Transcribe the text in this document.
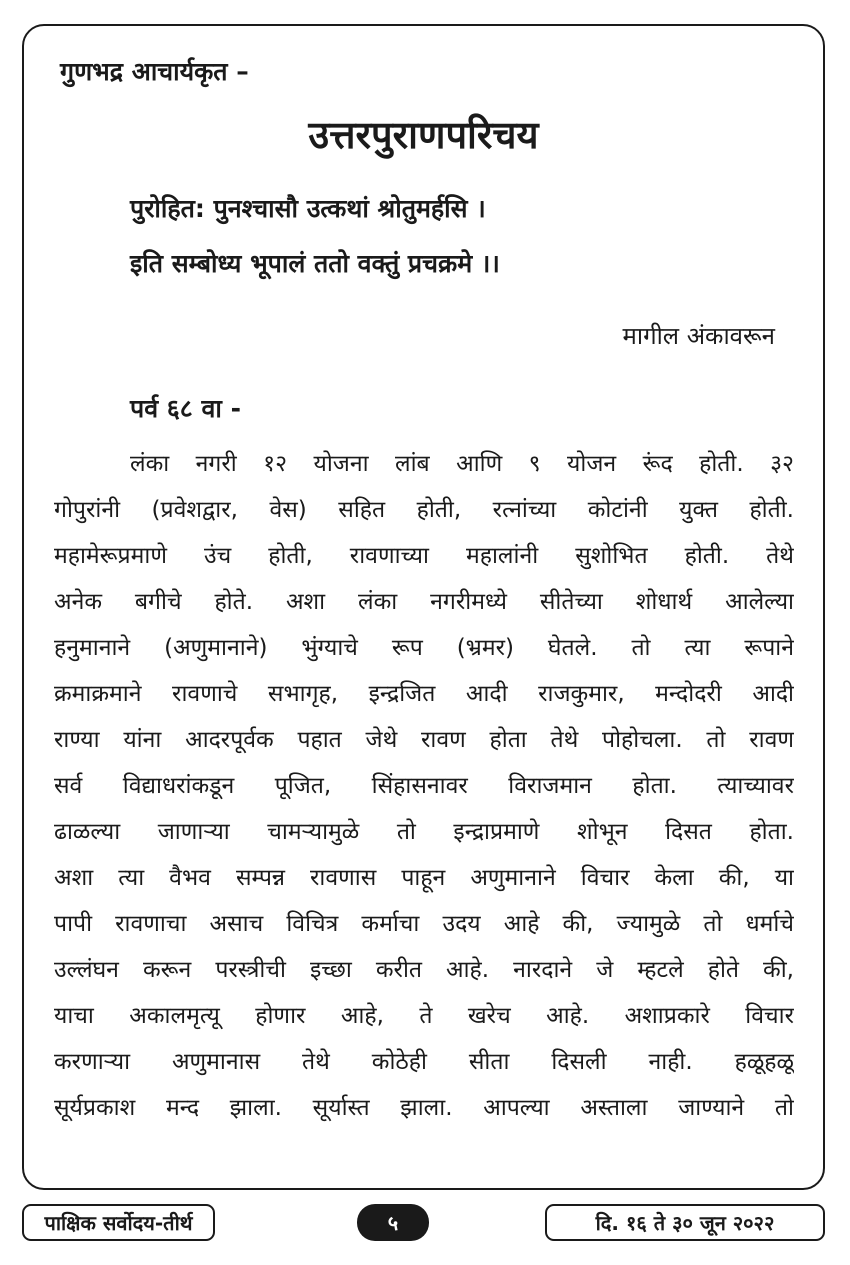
गुणभद्र आचार्यकृत –
उत्तरपुराणपरिचय
पुरोहित: पुनश्चासौ उत्कथां श्रोतुमर्हसि ।
इति सम्बोध्य भूपालं ततो वक्तुं प्रचक्रमे ।।
मागील अंकावरून
पर्व ६८ वा -
लंका नगरी १२ योजना लांब आणि ९ योजन रूंद होती. ३२
गोपुरांनी (प्रवेशद्वार, वेस) सहित होती, रत्नांच्या कोटांनी युक्त होती.
महामेरूप्रमाणे उंच होती, रावणाच्या महालांनी सुशोभित होती. तेथे
अनेक बगीचे होते. अशा लंका नगरीमध्ये सीतेच्या शोधार्थ आलेल्या
हनुमानाने (अणुमानाने) भुंग्याचे रूप (भ्रमर) घेतले. तो त्या रूपाने
क्रमाक्रमाने रावणाचे सभागृह, इन्द्रजित आदी राजकुमार, मन्दोदरी आदी
राण्या यांना आदरपूर्वक पहात जेथे रावण होता तेथे पोहोचला. तो रावण
सर्व विद्याधरांकडून पूजित, सिंहासनावर विराजमान होता. त्याच्यावर
ढाळल्या जाणाऱ्या चामऱ्यामुळे तो इन्द्राप्रमाणे शोभून दिसत होता.
अशा त्या वैभव सम्पन्न रावणास पाहून अणुमानाने विचार केला की, या
पापी रावणाचा असाच विचित्र कर्माचा उदय आहे की, ज्यामुळे तो धर्माचे
उल्लंघन करून परस्त्रीची इच्छा करीत आहे. नारदाने जे म्हटले होते की,
याचा अकालमृत्यू होणार आहे, ते खरेच आहे. अशाप्रकारे विचार
करणाऱ्या अणुमानास तेथे कोठेही सीता दिसली नाही. हळूहळू
सूर्यप्रकाश मन्द झाला. सूर्यास्त झाला. आपल्या अस्ताला जाण्याने तो
पाक्षिक सर्वोदय-तीर्थ	५	दि. १६ ते ३० जून २०२२
